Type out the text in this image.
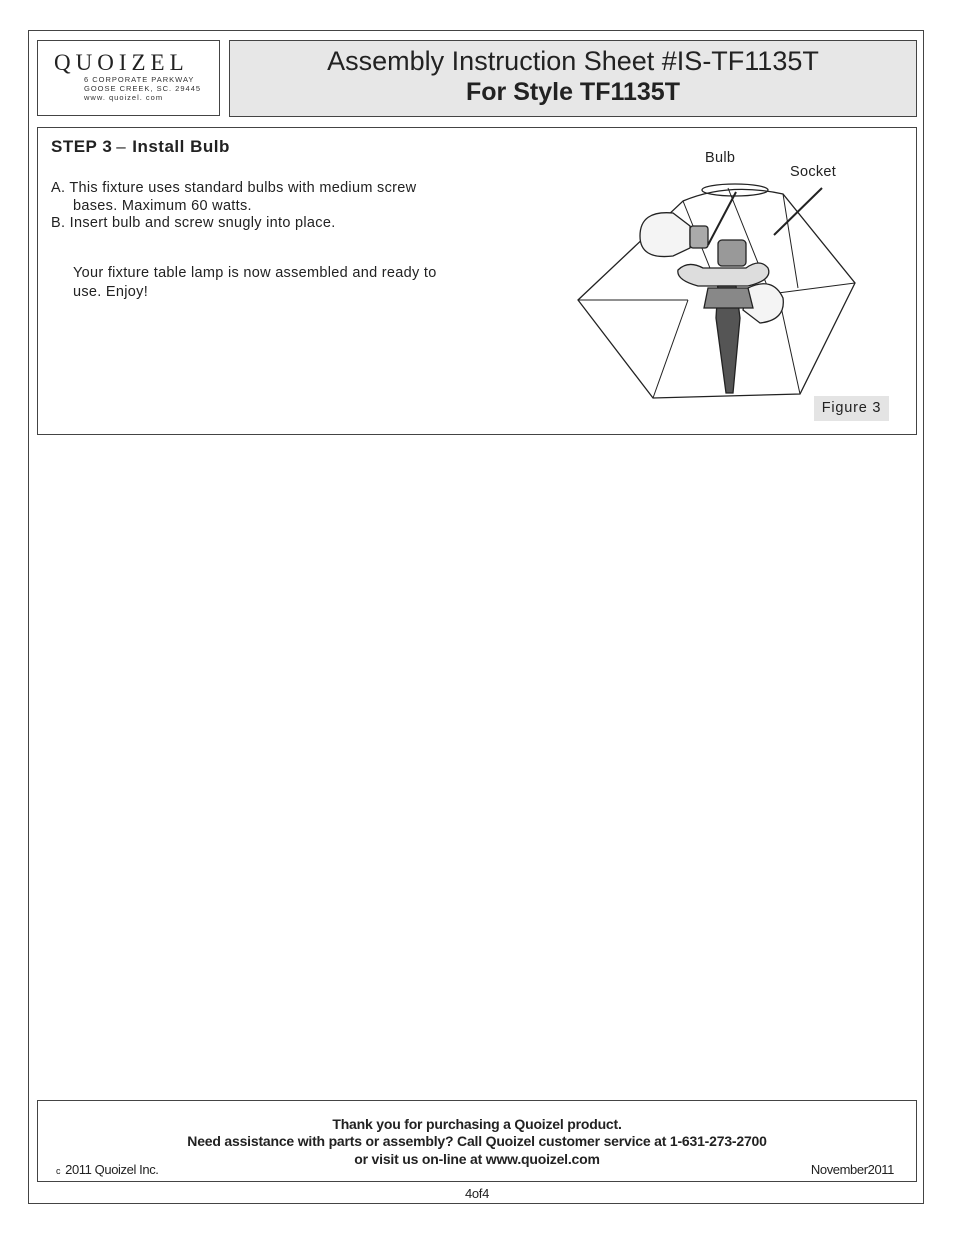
QUOIZEL
6 CORPORATE PARKWAY
GOOSE CREEK, SC. 29445
www. quoizel. com
Assembly Instruction Sheet #IS-TF1135T
For Style TF1135T
STEP 3 – Install Bulb
A. This fixture uses standard bulbs with medium screw
bases. Maximum 60 watts.
B. Insert bulb and screw snugly into place.
Your fixture table lamp is now assembled and ready to
use. Enjoy!
Bulb
Socket
Figure 3
Thank you for purchasing a Quoizel product.
Need assistance with parts or assembly? Call Quoizel customer service at 1-631-273-2700
or visit us on-line at www.quoizel.com
c 2011 Quoizel Inc.	November2011
4of4
